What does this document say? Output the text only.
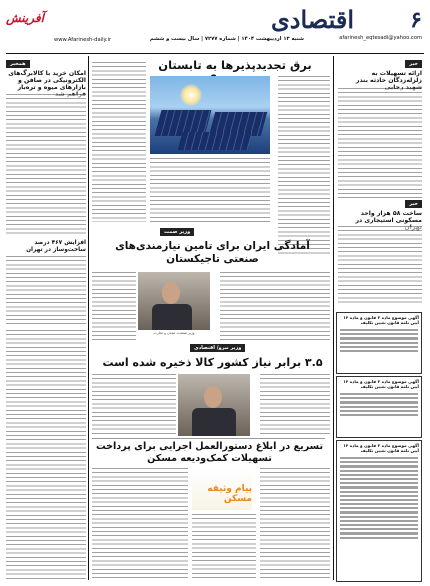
۶
اقتصادی
afarinesh_eqtesadi@yahoo.com
شنبه ۱۳ اردیبهشت ۱۴۰۴ | شماره ۷۲۷۷ | سال بیست و ششم
www.Afarinesh-daily.ir
آفرینش
خبر
ارائه تسهیلات به زلزله‌زدگان حادثه بندر
خبر
ساخت ۵۸ هزار واحد مسکونی استیجاری در
آگهی موضوع ماده ۳ قانون و ماده ۱۳ آیین نامه قانون تعیین تکلیف
آگهی موضوع ماده ۳ قانون و ماده ۱۳ آیین نامه قانون تعیین تکلیف
آگهی موضوع ماده ۳ قانون و ماده ۱۳ آیین نامه قانون تعیین تکلیف
برق تجدیدپذیرها به تابستان
همخبر
امکان خرید با کالابرگ‌های الکترونیکی در صافن و بازارهای میوه و تره‌بار
افزایش ۴۶۷ درصد ساخت‌وساز در تهران
وزیر صمت
آمادگی ایران برای تامین نیازمندی‌های صنعتی تاجیکستان
وزیر صنعت، معدن و تجارت
وزیر نیرو/ اقتصادی
۳.۵ برابر نیاز کشور کالا ذخیره شده است
تسریع در ابلاغ دستورالعمل اجرایی برای پرداخت
تسهیلات کمک‌ودیعه مسکن
پیام وثیقه مسکن
